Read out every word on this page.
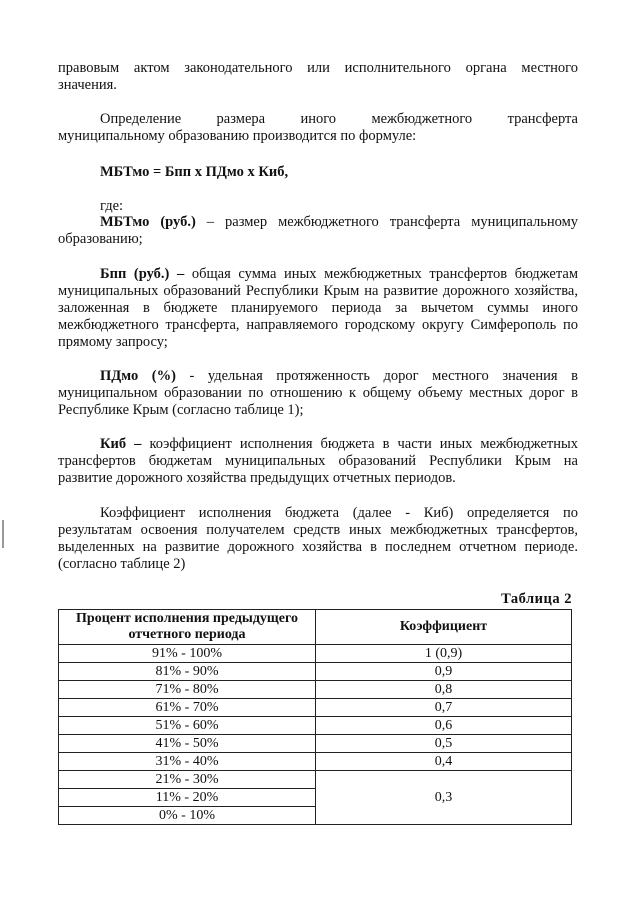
правовым актом законодательного или исполнительного органа местного
значения.
Определение размера иного межбюджетного трансферта
муниципальному образованию производится по формуле:
МБТмо = Бпп х ПДмо х Киб,
где:

МБТмо (руб.) – размер межбюджетного трансферта муниципальному образованию;

Бпп (руб.) – общая сумма иных межбюджетных трансфертов бюджетам муниципальных образований Республики Крым на развитие дорожного хозяйства, заложенная в бюджете планируемого периода за вычетом суммы иного межбюджетного трансферта, направляемого городскому округу Симферополь по прямому запросу;

ПДмо (%) - удельная протяженность дорог местного значения в муниципальном образовании по отношению к общему объему местных дорог в Республике Крым (согласно таблице 1);

Киб – коэффициент исполнения бюджета в части иных межбюджетных трансфертов бюджетам муниципальных образований Республики Крым на развитие дорожного хозяйства предыдущих отчетных периодов.

Коэффициент исполнения бюджета (далее - Киб) определяется по результатам освоения получателем средств иных межбюджетных трансфертов, выделенных на развитие дорожного хозяйства в последнем отчетном периоде. (согласно таблице 2)

Таблица 2
Процент исполнения предыдущего отчетного периода	Коэффициент
91% - 100%	1 (0,9)
81% - 90%	0,9
71% - 80%	0,8
61% - 70%	0,7
51% - 60%	0,6
41% - 50%	0,5
31% - 40%	0,4
21% - 30%	0,3
11% - 20%	
0% - 10%	
